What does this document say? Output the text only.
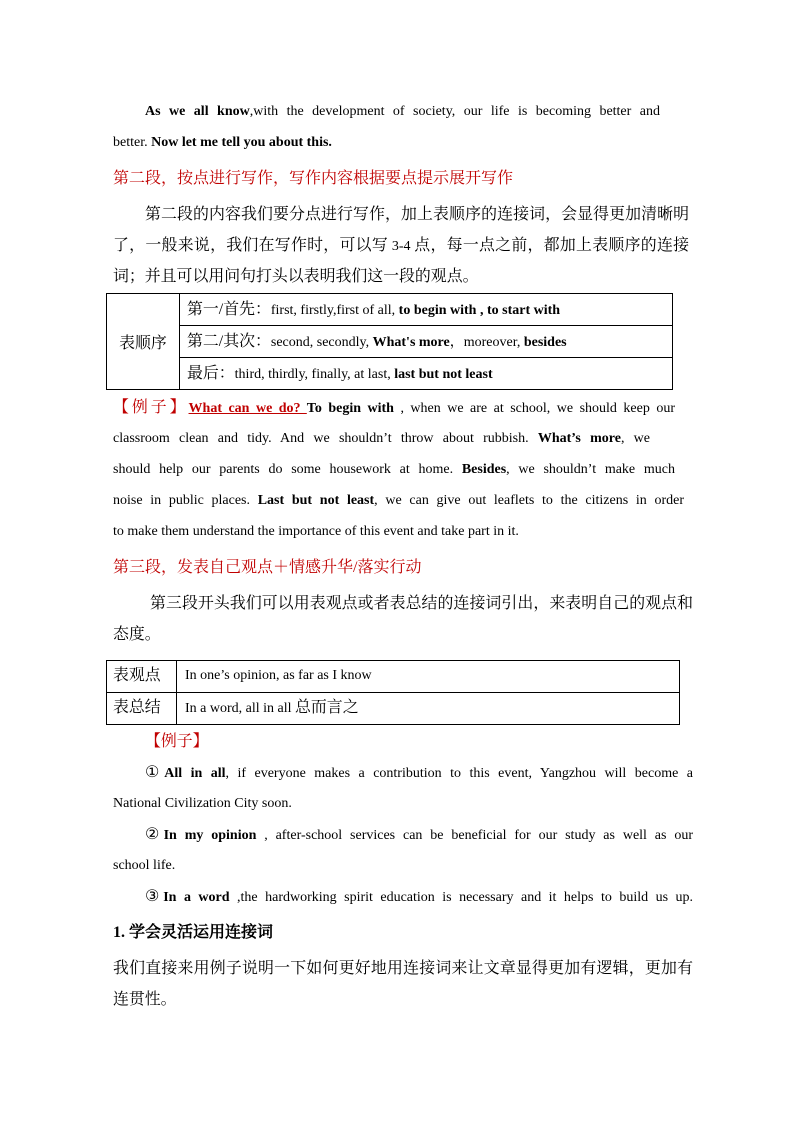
As we all know,with the development of society, our life is becoming better and
better. Now let me tell you about this.
第二段，按点进行写作，写作内容根据要点提示展开写作
第二段的内容我们要分点进行写作，加上表顺序的连接词，会显得更加清晰明
了，一般来说，我们在写作时，可以写 3-4 点，每一点之前，都加上表顺序的连接
词；并且可以用问句打头以表明我们这一段的观点。
表顺序
第一/首先：first, firstly,first of all, to begin with , to start with
第二/其次：second, secondly, What's more，moreover, besides
最后：third, thirdly, finally, at last, last but not least
【例子】What can we do? To begin with , when we are at school, we should keep our
classroom clean and tidy. And we shouldn’t throw about rubbish. What’s more, we
should help our parents do some housework at home. Besides, we shouldn’t make much
noise in public places. Last but not least, we can give out leaflets to the citizens in order
to make them understand the importance of this event and take part in it.
第三段，发表自己观点＋情感升华/落实行动
第三段开头我们可以用表观点或者表总结的连接词引出，来表明自己的观点和
态度。
表观点	In one’s opinion, as far as I know
表总结	In a word, all in all 总而言之
【例子】
①All in all, if everyone makes a contribution to this event, Yangzhou will become a
National Civilization City soon.
②In my opinion , after-school services can be beneficial for our study as well as our
school life.
③In a word ,the hardworking spirit education is necessary and it helps to build us up.
1. 学会灵活运用连接词
我们直接来用例子说明一下如何更好地用连接词来让文章显得更加有逻辑，更加有
连贯性。
